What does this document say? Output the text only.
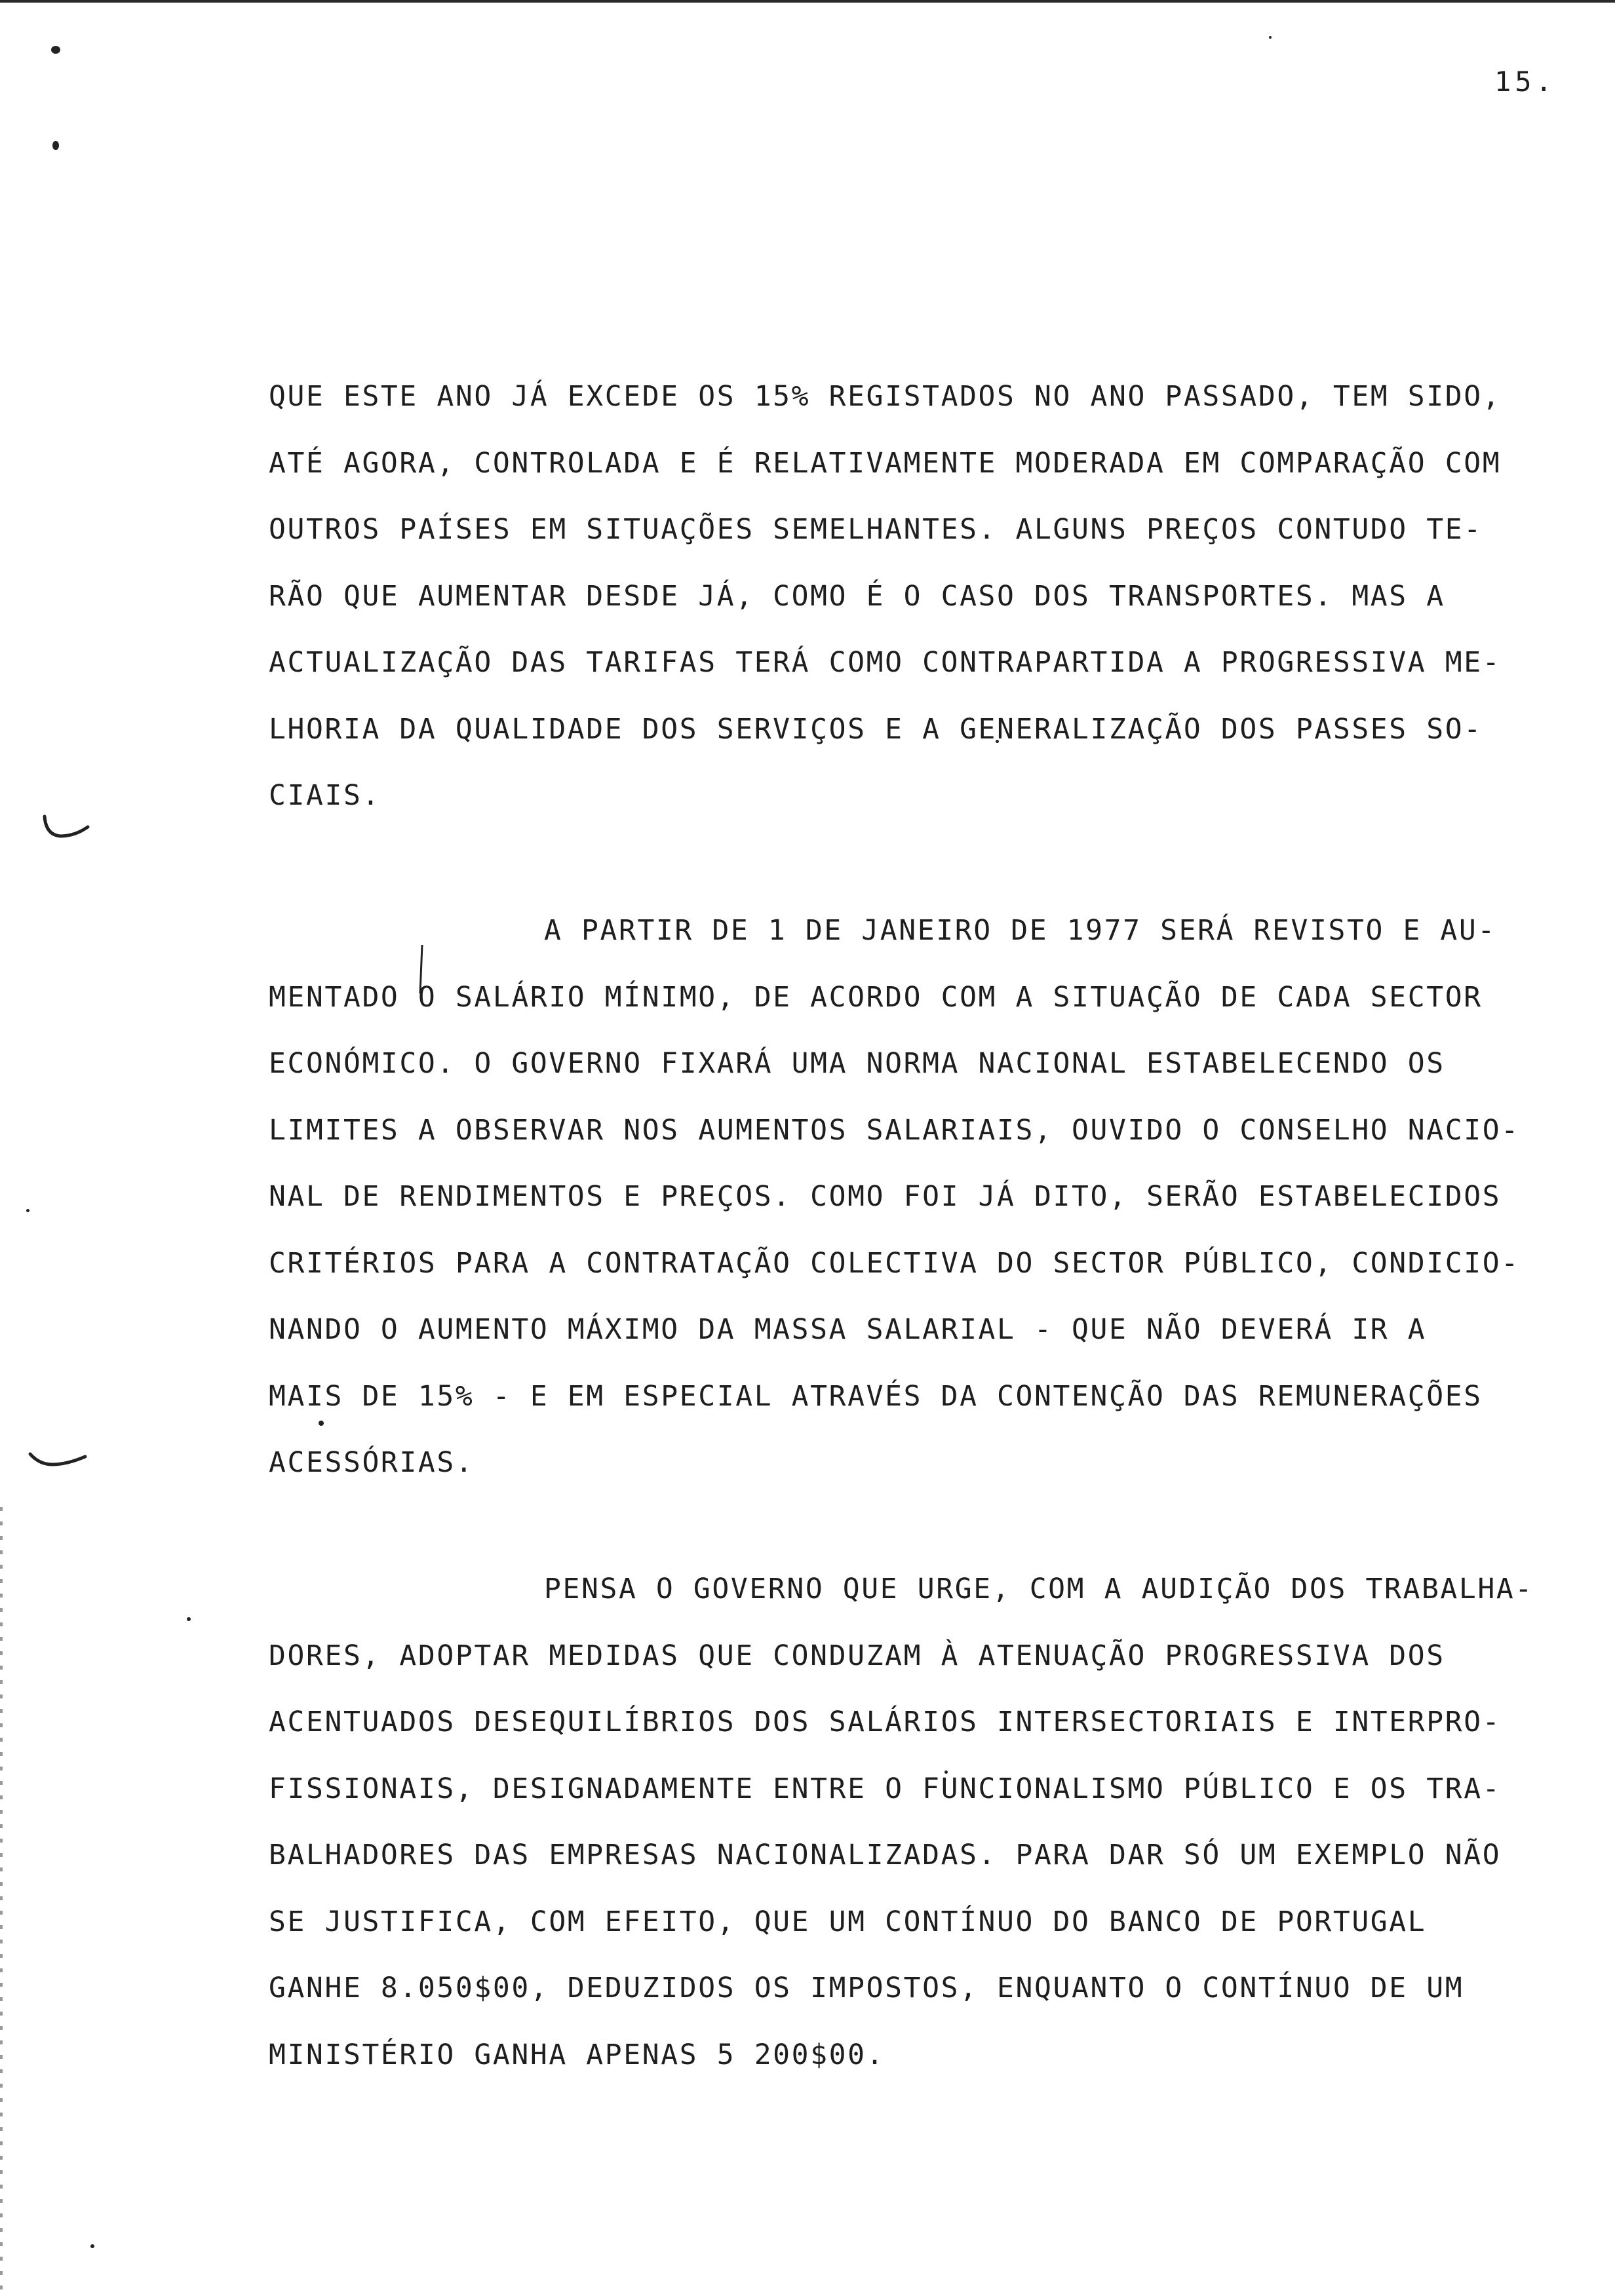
15.
QUE ESTE ANO JÁ EXCEDE OS 15% REGISTADOS NO ANO PASSADO, TEM SIDO,
ATÉ AGORA, CONTROLADA E É RELATIVAMENTE MODERADA EM COMPARAÇÃO COM
OUTROS PAÍSES EM SITUAÇÕES SEMELHANTES. ALGUNS PREÇOS CONTUDO TE-
RÃO QUE AUMENTAR DESDE JÁ, COMO É O CASO DOS TRANSPORTES. MAS A
ACTUALIZAÇÃO DAS TARIFAS TERÁ COMO CONTRAPARTIDA A PROGRESSIVA ME-
LHORIA DA QUALIDADE DOS SERVIÇOS E A GENERALIZAÇÃO DOS PASSES SO-
CIAIS.
A PARTIR DE 1 DE JANEIRO DE 1977 SERÁ REVISTO E AU-
MENTADO O SALÁRIO MÍNIMO, DE ACORDO COM A SITUAÇÃO DE CADA SECTOR
ECONÓMICO. O GOVERNO FIXARÁ UMA NORMA NACIONAL ESTABELECENDO OS
LIMITES A OBSERVAR NOS AUMENTOS SALARIAIS, OUVIDO O CONSELHO NACIO-
NAL DE RENDIMENTOS E PREÇOS. COMO FOI JÁ DITO, SERÃO ESTABELECIDOS
CRITÉRIOS PARA A CONTRATAÇÃO COLECTIVA DO SECTOR PÚBLICO, CONDICIO-
NANDO O AUMENTO MÁXIMO DA MASSA SALARIAL - QUE NÃO DEVERÁ IR A
MAIS DE 15% - E EM ESPECIAL ATRAVÉS DA CONTENÇÃO DAS REMUNERAÇÕES
ACESSÓRIAS.
PENSA O GOVERNO QUE URGE, COM A AUDIÇÃO DOS TRABALHA-
DORES, ADOPTAR MEDIDAS QUE CONDUZAM À ATENUAÇÃO PROGRESSIVA DOS
ACENTUADOS DESEQUILÍBRIOS DOS SALÁRIOS INTERSECTORIAIS E INTERPRO-
FISSIONAIS, DESIGNADAMENTE ENTRE O FUNCIONALISMO PÚBLICO E OS TRA-
BALHADORES DAS EMPRESAS NACIONALIZADAS. PARA DAR SÓ UM EXEMPLO NÃO
SE JUSTIFICA, COM EFEITO, QUE UM CONTÍNUO DO BANCO DE PORTUGAL
GANHE 8.050$00, DEDUZIDOS OS IMPOSTOS, ENQUANTO O CONTÍNUO DE UM
MINISTÉRIO GANHA APENAS 5 200$00.
